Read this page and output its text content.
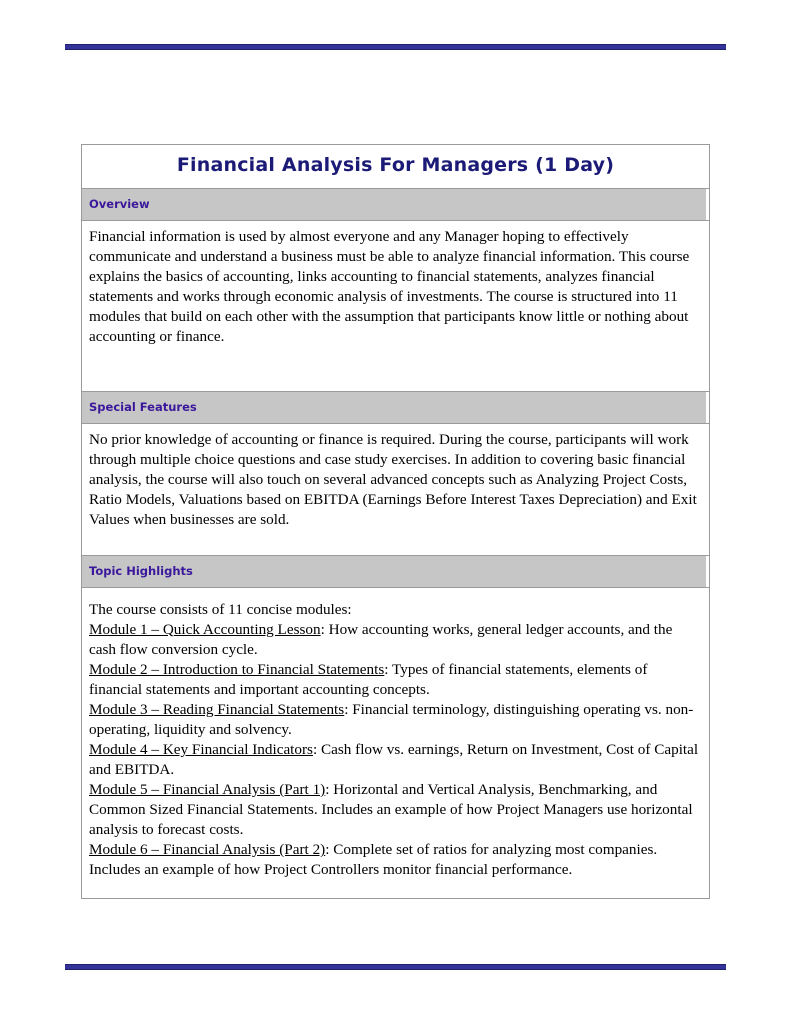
Financial Analysis For Managers (1 Day)

Overview

Financial information is used by almost everyone and any Manager hoping to effectively communicate and understand a business must be able to analyze financial information. This course explains the basics of accounting, links accounting to financial statements, analyzes financial statements and works through economic analysis of investments. The course is structured into 11 modules that build on each other with the assumption that participants know little or nothing about accounting or finance.

Special Features

No prior knowledge of accounting or finance is required. During the course, participants will work through multiple choice questions and case study exercises. In addition to covering basic financial analysis, the course will also touch on several advanced concepts such as Analyzing Project Costs, Ratio Models, Valuations based on EBITDA (Earnings Before Interest Taxes Depreciation) and Exit Values when businesses are sold.

Topic Highlights

The course consists of 11 concise modules:

Module 1 – Quick Accounting Lesson: How accounting works, general ledger accounts, and the cash flow conversion cycle.

Module 2 – Introduction to Financial Statements: Types of financial statements, elements of financial statements and important accounting concepts.

Module 3 – Reading Financial Statements: Financial terminology, distinguishing operating vs. non-operating, liquidity and solvency.

Module 4 – Key Financial Indicators: Cash flow vs. earnings, Return on Investment, Cost of Capital and EBITDA.

Module 5 – Financial Analysis (Part 1): Horizontal and Vertical Analysis, Benchmarking, and Common Sized Financial Statements. Includes an example of how Project Managers use horizontal analysis to forecast costs.

Module 6 – Financial Analysis (Part 2): Complete set of ratios for analyzing most companies. Includes an example of how Project Controllers monitor financial performance.
